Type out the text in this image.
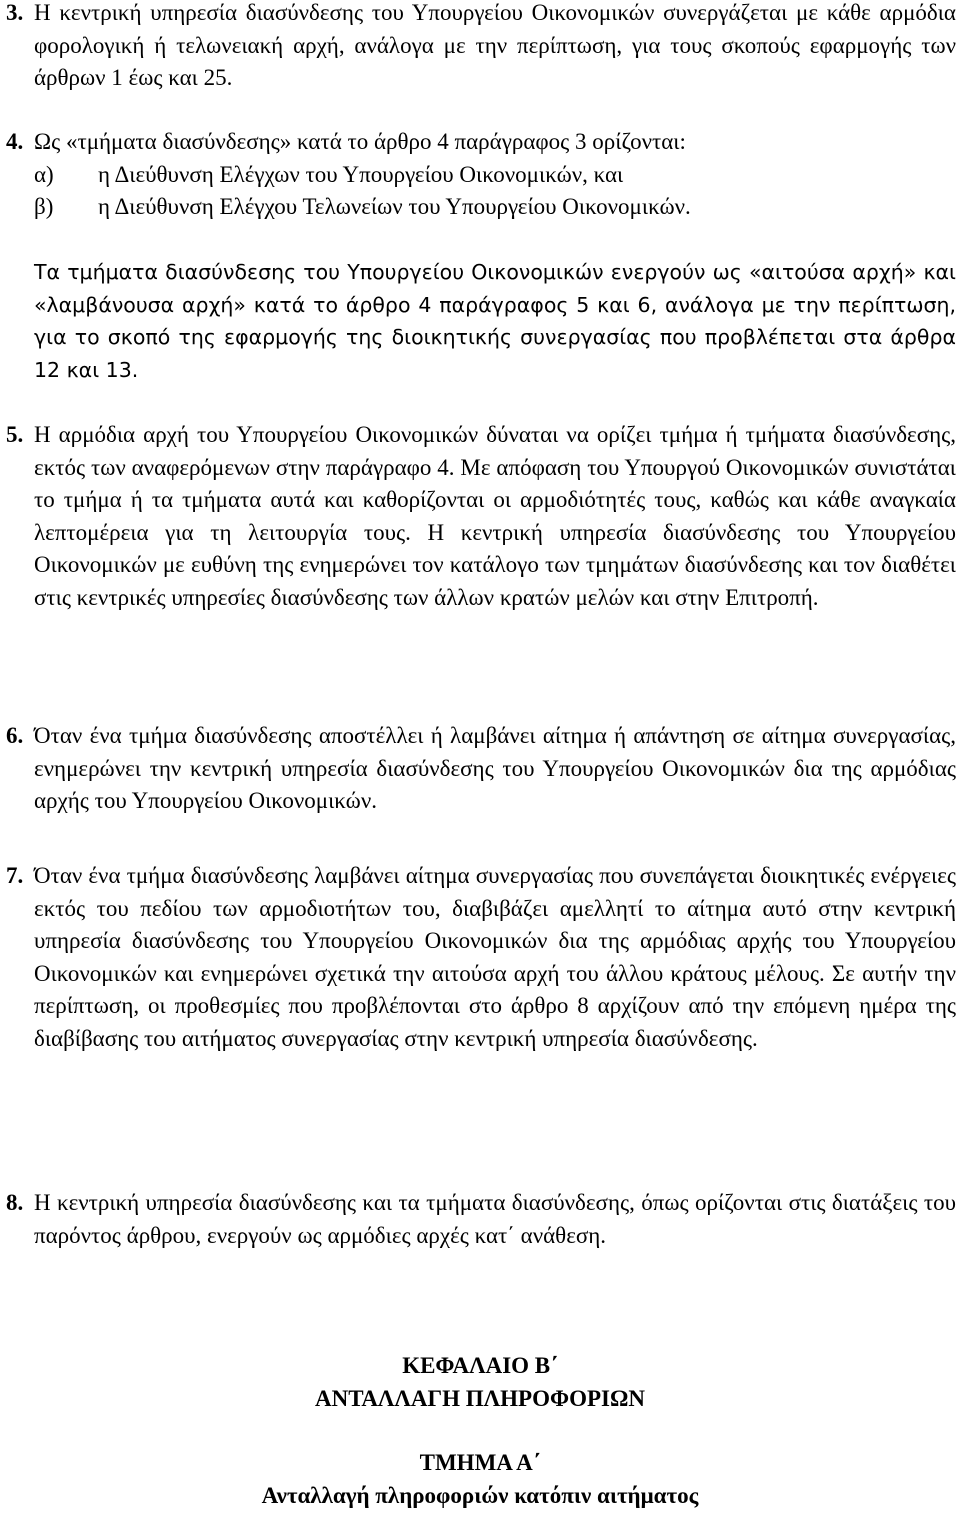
3. Η κεντρική υπηρεσία διασύνδεσης του Υπουργείου Οικονομικών συνεργάζεται με κάθε αρμόδια φορολογική ή τελωνειακή αρχή, ανάλογα με την περίπτωση, για τους σκοπούς εφαρμογής των άρθρων 1 έως και 25.
4. Ως «τμήματα διασύνδεσης» κατά το άρθρο 4 παράγραφος 3 ορίζονται:
α) η Διεύθυνση Ελέγχων του Υπουργείου Οικονομικών, και
β) η Διεύθυνση Ελέγχου Τελωνείων του Υπουργείου Οικονομικών.
Τα τμήματα διασύνδεσης του Υπουργείου Οικονομικών ενεργούν ως «αιτούσα αρχή» και «λαμβάνουσα αρχή» κατά το άρθρο 4 παράγραφος 5 και 6, ανάλογα με την περίπτωση, για το σκοπό της εφαρμογής της διοικητικής συνεργασίας που προβλέπεται στα άρθρα 12 και 13.
5. Η αρμόδια αρχή του Υπουργείου Οικονομικών δύναται να ορίζει τμήμα ή τμήματα διασύνδεσης, εκτός των αναφερόμενων στην παράγραφο 4. Με απόφαση του Υπουργού Οικονομικών συνιστάται το τμήμα ή τα τμήματα αυτά και καθορίζονται οι αρμοδιότητές τους, καθώς και κάθε αναγκαία λεπτομέρεια για τη λειτουργία τους. Η κεντρική υπηρεσία διασύνδεσης του Υπουργείου Οικονομικών με ευθύνη της ενημερώνει τον κατάλογο των τμημάτων διασύνδεσης και τον διαθέτει στις κεντρικές υπηρεσίες διασύνδεσης των άλλων κρατών μελών και στην Επιτροπή.
6. Όταν ένα τμήμα διασύνδεσης αποστέλλει ή λαμβάνει αίτημα ή απάντηση σε αίτημα συνεργασίας, ενημερώνει την κεντρική υπηρεσία διασύνδεσης του Υπουργείου Οικονομικών δια της αρμόδιας αρχής του Υπουργείου Οικονομικών.
7. Όταν ένα τμήμα διασύνδεσης λαμβάνει αίτημα συνεργασίας που συνεπάγεται διοικητικές ενέργειες εκτός του πεδίου των αρμοδιοτήτων του, διαβιβάζει αμελλητί το αίτημα αυτό στην κεντρική υπηρεσία διασύνδεσης του Υπουργείου Οικονομικών δια της αρμόδιας αρχής του Υπουργείου Οικονομικών και ενημερώνει σχετικά την αιτούσα αρχή του άλλου κράτους μέλους. Σε αυτήν την περίπτωση, οι προθεσμίες που προβλέπονται στο άρθρο 8 αρχίζουν από την επόμενη ημέρα της διαβίβασης του αιτήματος συνεργασίας στην κεντρική υπηρεσία διασύνδεσης.
8. Η κεντρική υπηρεσία διασύνδεσης και τα τμήματα διασύνδεσης, όπως ορίζονται στις διατάξεις του παρόντος άρθρου, ενεργούν ως αρμόδιες αρχές κατ΄ ανάθεση.
ΚΕΦΑΛΑΙΟ Β΄
ΑΝΤΑΛΛΑΓΗ ΠΛΗΡΟΦΟΡΙΩΝ
ΤΜΗΜΑ Α΄
Ανταλλαγή πληροφοριών κατόπιν αιτήματος
